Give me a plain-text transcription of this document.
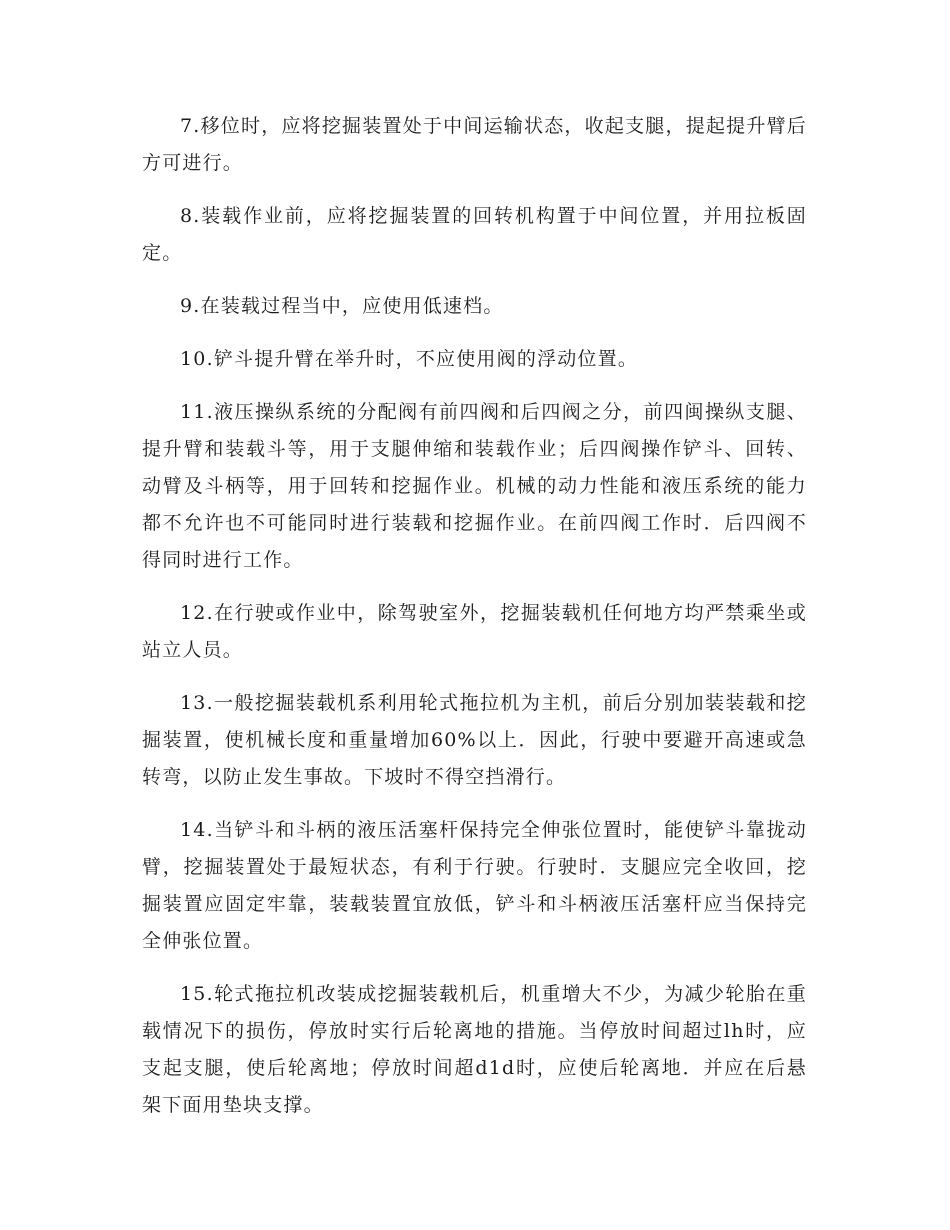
7.移位时，应将挖掘装置处于中间运输状态，收起支腿，提起提升臂后方可进行。

8.装载作业前，应将挖掘装置的回转机构置于中间位置，并用拉板固定。

9.在装载过程当中，应使用低速档。

10.铲斗提升臂在举升时，不应使用阀的浮动位置。

11.液压操纵系统的分配阀有前四阀和后四阀之分，前四闽操纵支腿、提升臂和装载斗等，用于支腿伸缩和装载作业；后四阀操作铲斗、回转、动臂及斗柄等，用于回转和挖掘作业。机械的动力性能和液压系统的能力都不允许也不可能同时进行装载和挖掘作业。在前四阀工作时．后四阀不得同时进行工作。

12.在行驶或作业中，除驾驶室外，挖掘装载机任何地方均严禁乘坐或站立人员。

13.一般挖掘装载机系利用轮式拖拉机为主机，前后分别加装装载和挖掘装置，使机械长度和重量增加60%以上．因此，行驶中要避开高速或急转弯，以防止发生事故。下坡时不得空挡滑行。

14.当铲斗和斗柄的液压活塞杆保持完全伸张位置时，能使铲斗靠拢动臂，挖掘装置处于最短状态，有利于行驶。行驶时．支腿应完全收回，挖掘装置应固定牢靠，装载装置宜放低，铲斗和斗柄液压活塞杆应当保持完全伸张位置。

15.轮式拖拉机改装成挖掘装载机后，机重增大不少，为减少轮胎在重载情况下的损伤，停放时实行后轮离地的措施。当停放时间超过lh时，应支起支腿，使后轮离地；停放时间超d1d时，应使后轮离地．并应在后悬架下面用垫块支撑。
